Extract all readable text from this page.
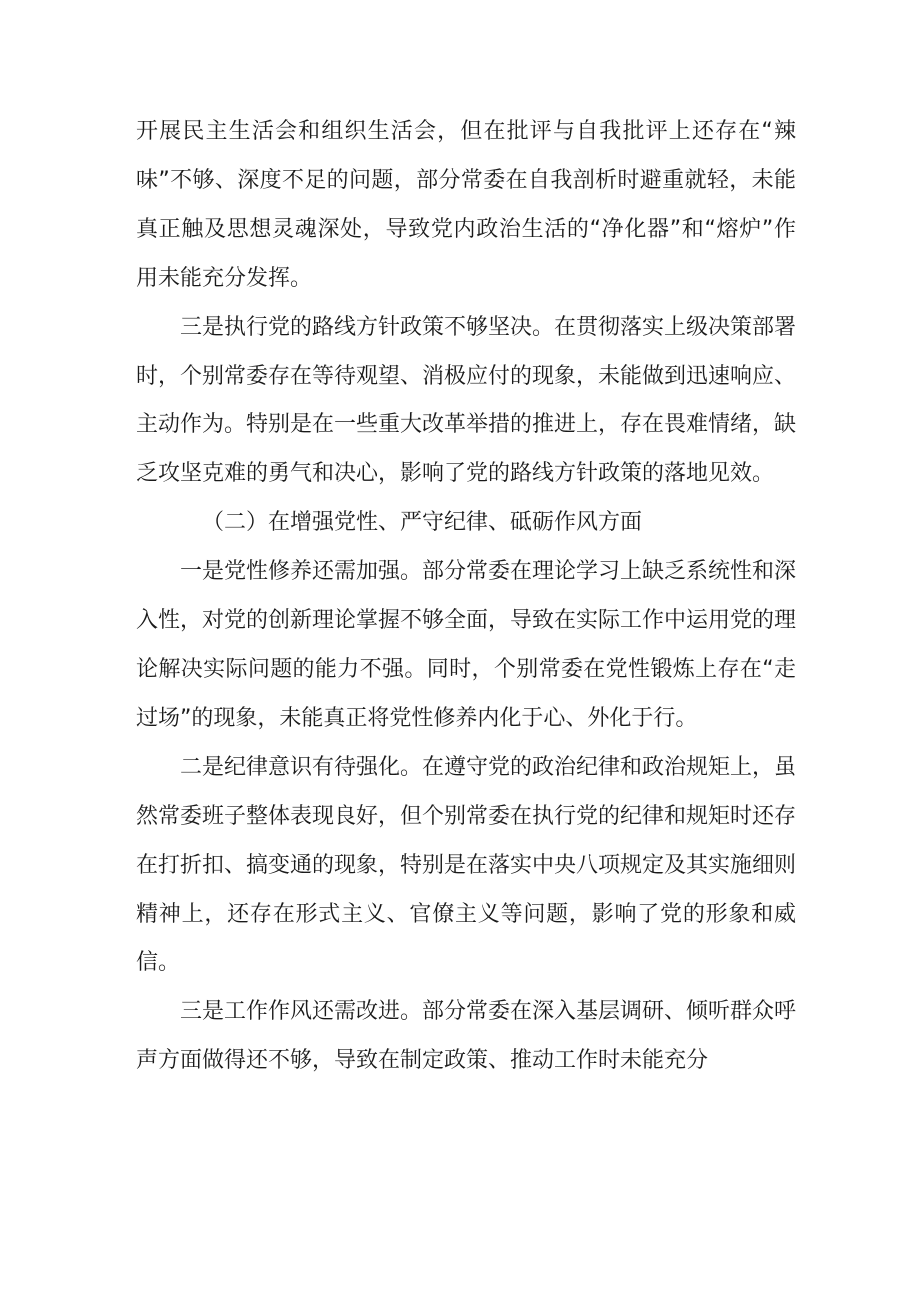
开展民主生活会和组织生活会，但在批评与自我批评上还存在“辣味”不够、深度不足的问题，部分常委在自我剖析时避重就轻，未能真正触及思想灵魂深处，导致党内政治生活的“净化器”和“熔炉”作用未能充分发挥。

三是执行党的路线方针政策不够坚决。在贯彻落实上级决策部署时，个别常委存在等待观望、消极应付的现象，未能做到迅速响应、主动作为。特别是在一些重大改革举措的推进上，存在畏难情绪，缺乏攻坚克难的勇气和决心，影响了党的路线方针政策的落地见效。

（二）在增强党性、严守纪律、砥砺作风方面

一是党性修养还需加强。部分常委在理论学习上缺乏系统性和深入性，对党的创新理论掌握不够全面，导致在实际工作中运用党的理论解决实际问题的能力不强。同时，个别常委在党性锻炼上存在“走过场”的现象，未能真正将党性修养内化于心、外化于行。

二是纪律意识有待强化。在遵守党的政治纪律和政治规矩上，虽然常委班子整体表现良好，但个别常委在执行党的纪律和规矩时还存在打折扣、搞变通的现象，特别是在落实中央八项规定及其实施细则精神上，还存在形式主义、官僚主义等问题，影响了党的形象和威信。

三是工作作风还需改进。部分常委在深入基层调研、倾听群众呼声方面做得还不够，导致在制定政策、推动工作时未能充分
